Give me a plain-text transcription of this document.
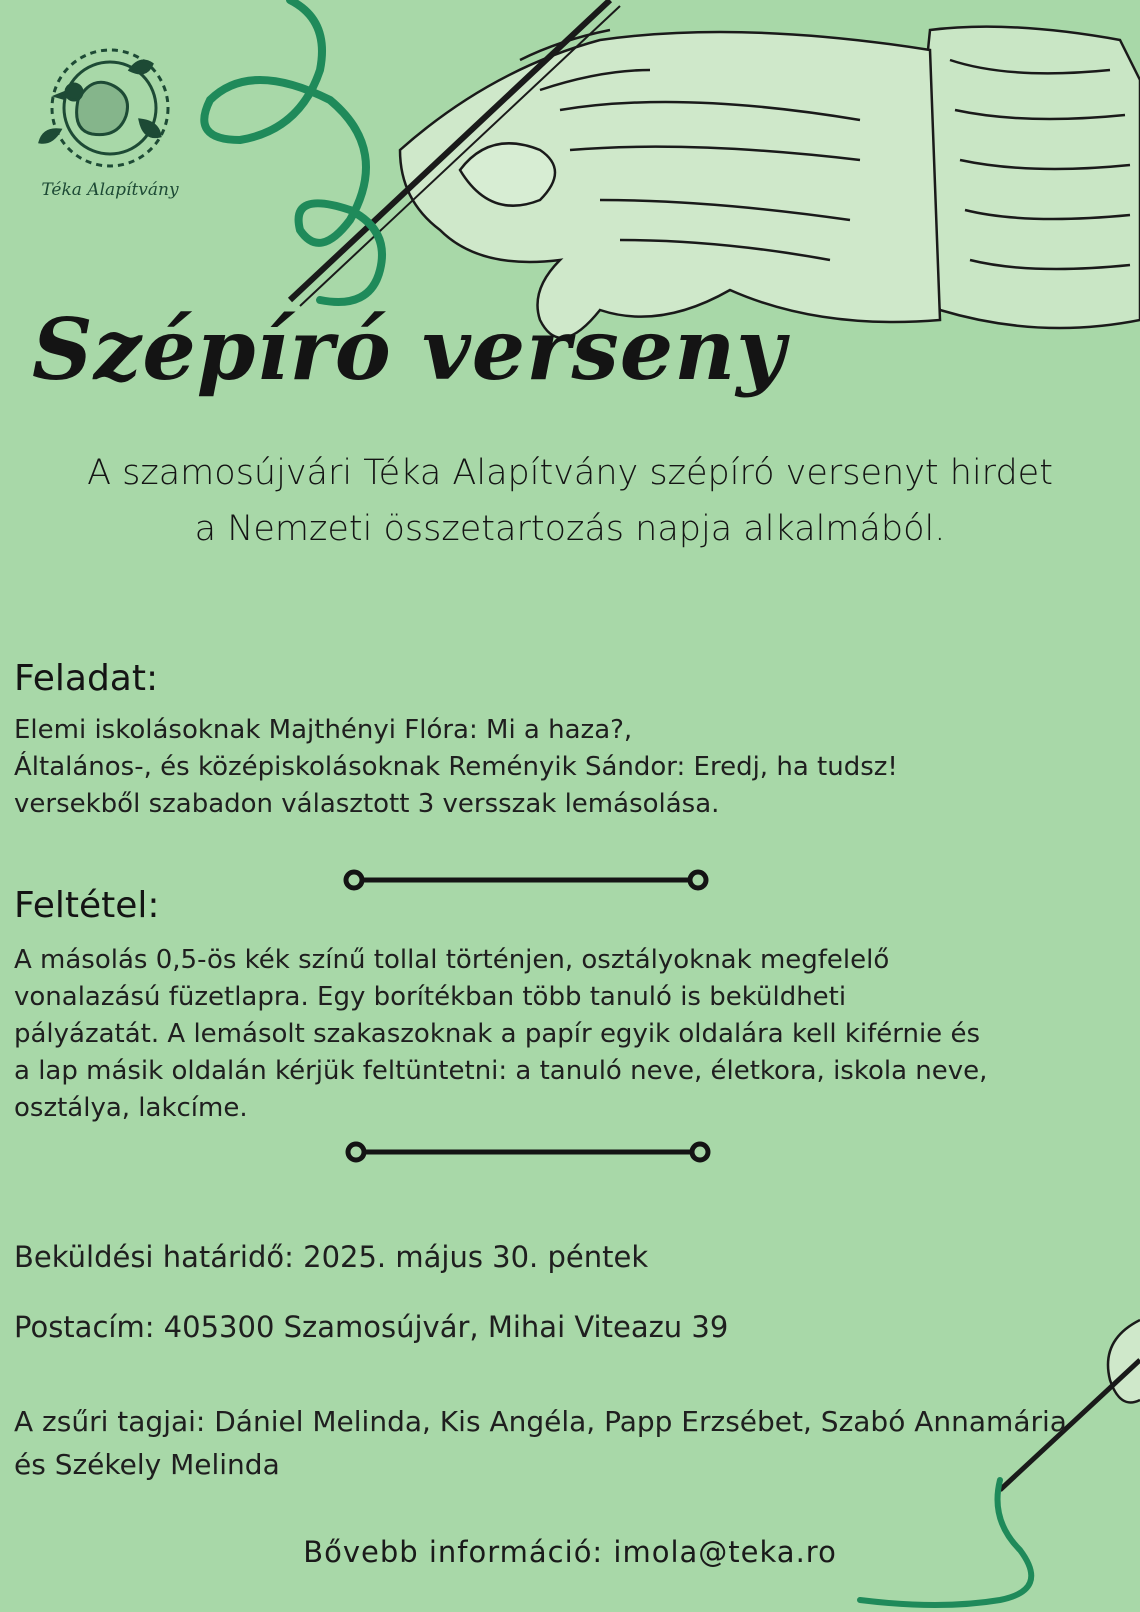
Téka Alapítvány
Szépíró verseny
A szamosújvári Téka Alapítvány szépíró versenyt hirdet
a Nemzeti összetartozás napja alkalmából.
Feladat:
Elemi iskolásoknak Majthényi Flóra: Mi a haza?,
Általános-, és középiskolásoknak Reményik Sándor: Eredj, ha tudsz!
versekből szabadon választott 3 versszak lemásolása.
Feltétel:
A másolás 0,5-ös kék színű tollal történjen, osztályoknak megfelelő
vonalazású füzetlapra. Egy borítékban több tanuló is beküldheti
pályázatát. A lemásolt szakaszoknak a papír egyik oldalára kell kiférnie és
a lap másik oldalán kérjük feltüntetni: a tanuló neve, életkora, iskola neve,
osztálya, lakcíme.
Beküldési határidő: 2025. május 30. péntek
Postacím: 405300 Szamosújvár, Mihai Viteazu 39
A zsűri tagjai: Dániel Melinda, Kis Angéla, Papp Erzsébet, Szabó Annamária
és Székely Melinda
Bővebb információ: imola@teka.ro
